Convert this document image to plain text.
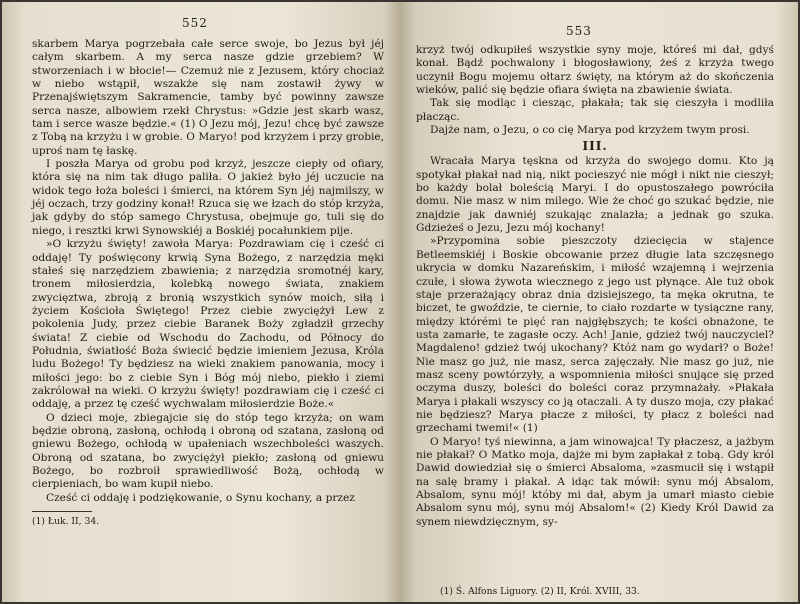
552

skarbem Marya pogrzebała całe serce swoje, bo Jezus był jéj całym skarbem. A my serca nasze gdzie grzebiem? W stworzeniach i w błocie!— Czemuż nie z Jezusem, który chociaż w niebo wstąpił, wszakże się nam zostawił żywy w Przenajświętszym Sakramencie, tamby być powinny zawsze serca nasze, albowiem rzekł Chrystus: »Gdzie jest skarb wasz, tam i serce wasze będzie.« (1) O Jezu mój, Jezu! chcę być zawsze z Tobą na krzyżu i w grobie. O Maryo! pod krzyżem i przy grobie, uproś nam tę łaskę.

I poszła Marya od grobu pod krzyż, jeszcze ciepły od ofiary, która się na nim tak długo paliła. O jakież było jéj uczucie na widok tego łoża boleści i śmierci, na którem Syn jéj najmilszy, w jéj oczach, trzy godziny konał! Rzuca się we łzach do stóp krzyża, jak gdyby do stóp samego Chrystusa, obejmuje go, tuli się do niego, i resztki krwi Synowskiéj a Boskiéj pocałunkiem pije.

»O krzyżu święty! zawoła Marya: Pozdrawiam cię i cześć ci oddaję! Ty poświęcony krwią Syna Bożego, z narzędzia męki stałeś się narzędziem zbawienia; z narzędzia sromotnéj kary, tronem miłosierdzia, kolebką nowego świata, znakiem zwycięztwa, zbroją z bronią wszystkich synów moich, siłą i życiem Kościoła Świętego! Przez ciebie zwyciężył Lew z pokolenia Judy, przez ciebie Baranek Boży zgładził grzechy świata! Z ciebie od Wschodu do Zachodu, od Północy do Południa, światłość Boża świecić będzie imieniem Jezusa, Króla ludu Bożego! Ty będziesz na wieki znakiem panowania, mocy i miłości jego: bo z ciebie Syn i Bóg mój niebo, piekło i ziemi zakrólował na wieki. O krzyżu święty! pozdrawiam cię i cześć ci oddaję, a przez tę cześć wychwalam miłosierdzie Boże.«

O dzieci moje, zbiegajcie się do stóp tego krzyża; on wam będzie obroną, zasłoną, ochłodą i obroną od szatana, zasłoną od gniewu Bożego, ochłodą w upałeniach wszechboleści waszych. Obroną od szatana, bo zwyciężył piekło; zasłoną od gniewu Bożego, bo rozbroił sprawiedliwość Bożą, ochłodą w cierpieniach, bo wam kupił niebo.

Cześć ci oddaję i podziękowanie, o Synu kochany, a przez

(1) Łuk. II, 34.

553

krzyż twój odkupiłeś wszystkie syny moje, któreś mi dał, gdyś konał. Bądź pochwalony i błogosławiony, żeś z krzyża twego uczynił Bogu mojemu ołtarz święty, na którym aż do skończenia wieków, palić się będzie ofiara święta na zbawienie świata.

Tak się modląc i ciesząc, płakała; tak się cieszyła i modliła płacząc.

Dajże nam, o Jezu, o co cię Marya pod krzyżem twym prosi.

III.

Wracała Marya tęskna od krzyża do swojego domu. Kto ją spotykał płakał nad nią, nikt pocieszyć nie mógł i nikt nie cieszył; bo każdy bolał boleścią Maryi. I do opustoszałego powróciła domu. Nie masz w nim milego. Wie że choć go szukać będzie, nie znajdzie jak dawniéj szukając znalazła; a jednak go szuka. Gdzieżeś o Jezu, Jezu mój kochany!

»Przypomina sobie pieszczoty dziecięcia w stajence Betleemskiéj i Boskie obcowanie przez długie lata szczęsnego ukrycia w domku Nazareńskim, i miłość wzajemną i wejrzenia czułe, i słowa żywota wiecznego z jego ust płynące. Ale tuż obok staje przerażający obraz dnia dzisiejszego, ta męka okrutna, te biczet, te gwoździe, te ciernie, to ciało rozdarte w tysiączne rany, między którémi te pięć ran najgłębszych; te kości obnażone, te usta zamarłe, te zagasłe oczy. Ach! Janie, gdzież twój nauczyciel? Magdaleno! gdzież twój ukochany? Któż nam go wydarł? o Boże! Nie masz go już, nie masz, serca zajęczały. Nie masz go już, nie masz sceny powtórzyły, a wspomnienia miłości snujące się przed oczyma duszy, boleści do boleści coraz przymnażały. »Płakała Marya i płakali wszyscy co ją otaczali. A ty duszo moja, czy płakać nie będziesz? Marya płacze z miłości, ty płacz z boleści nad grzechami twemi!« (1)

O Maryo! tyś niewinna, a jam winowajca! Ty płaczesz, a jażbym nie płakał? O Matko moja, dajże mi bym zapłakał z tobą. Gdy król Dawid dowiedział się o śmierci Absaloma, »zasmucił się i wstąpił na salę bramy i płakał. A idąc tak mówił: synu mój Absalom, Absalom, synu mój! któby mi dał, abym ja umarł miasto ciebie Absalom synu mój, synu mój Absalom!« (2) Kiedy Król Dawid za synem niewdzięcznym, sy-

(1) Ś. Alfons Liguory. (2) II, Król. XVIII, 33.
